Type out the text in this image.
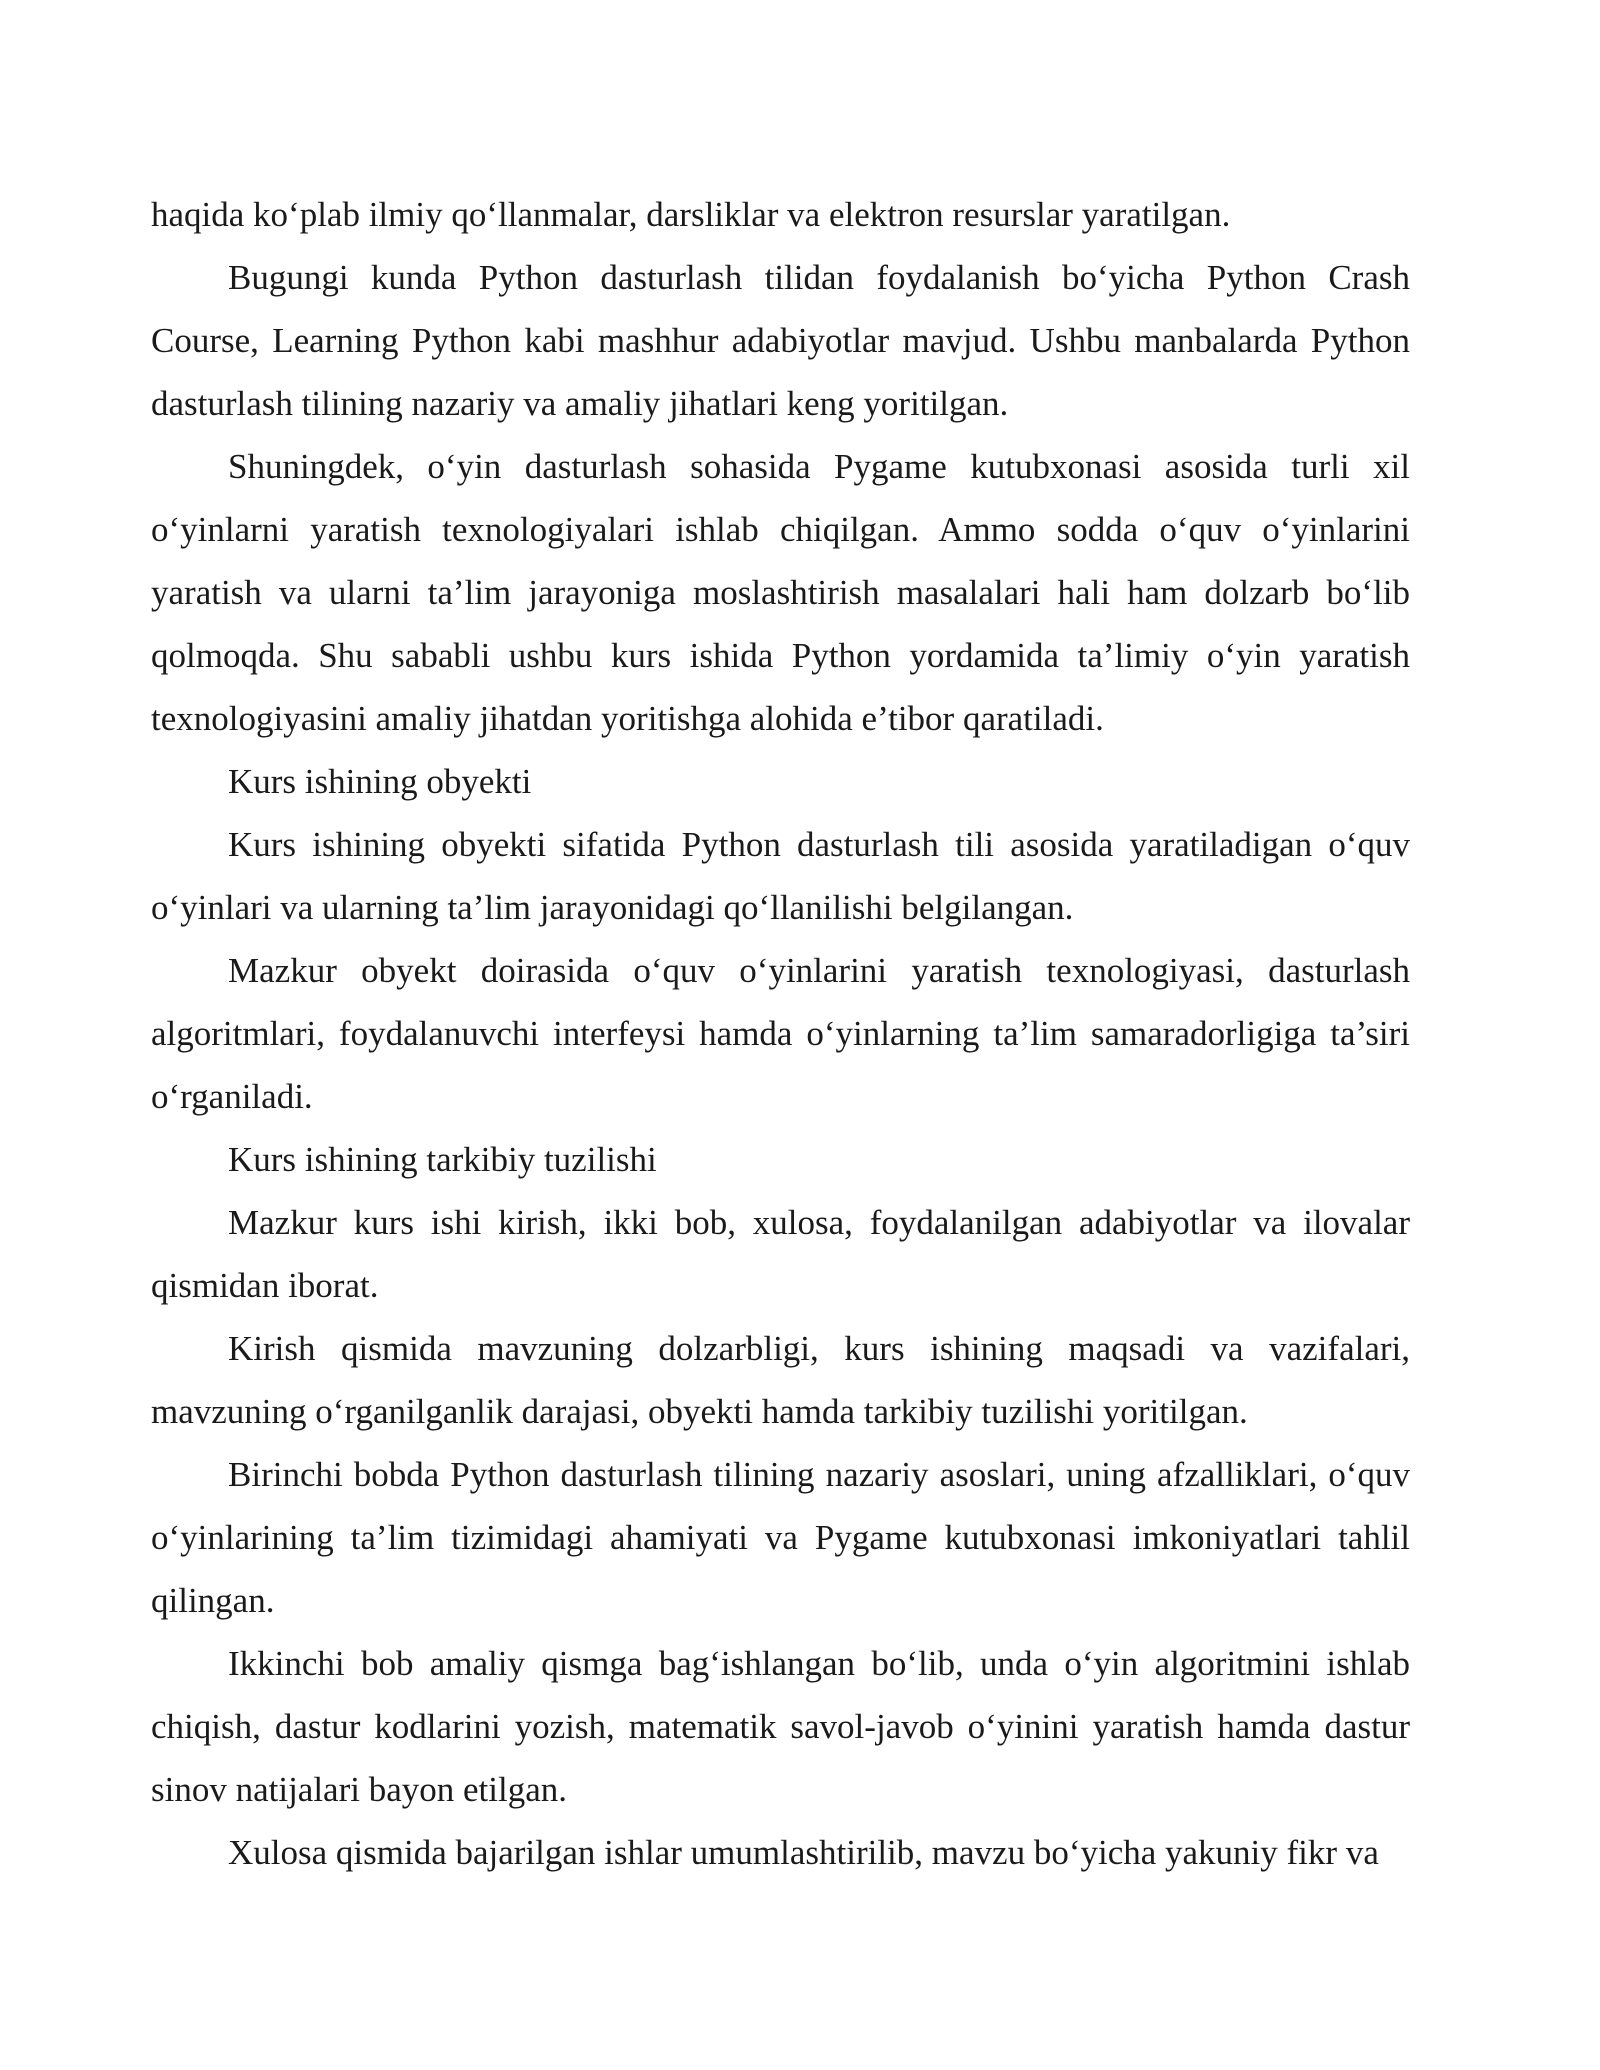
haqida ko‘plab ilmiy qo‘llanmalar, darsliklar va elektron resurslar yaratilgan.

Bugungi kunda Python dasturlash tilidan foydalanish bo‘yicha Python Crash Course, Learning Python kabi mashhur adabiyotlar mavjud. Ushbu manbalarda Python dasturlash tilining nazariy va amaliy jihatlari keng yoritilgan.

Shuningdek, o‘yin dasturlash sohasida Pygame kutubxonasi asosida turli xil o‘yinlarni yaratish texnologiyalari ishlab chiqilgan. Ammo sodda o‘quv o‘yinlarini yaratish va ularni ta’lim jarayoniga moslashtirish masalalari hali ham dolzarb bo‘lib qolmoqda. Shu sababli ushbu kurs ishida Python yordamida ta’limiy o‘yin yaratish texnologiyasini amaliy jihatdan yoritishga alohida e’tibor qaratiladi.

Kurs ishining obyekti

Kurs ishining obyekti sifatida Python dasturlash tili asosida yaratiladigan o‘quv o‘yinlari va ularning ta’lim jarayonidagi qo‘llanilishi belgilangan.

Mazkur obyekt doirasida o‘quv o‘yinlarini yaratish texnologiyasi, dasturlash algoritmlari, foydalanuvchi interfeysi hamda o‘yinlarning ta’lim samaradorligiga ta’siri o‘rganiladi.

Kurs ishining tarkibiy tuzilishi

Mazkur kurs ishi kirish, ikki bob, xulosa, foydalanilgan adabiyotlar va ilovalar qismidan iborat.

Kirish qismida mavzuning dolzarbligi, kurs ishining maqsadi va vazifalari, mavzuning o‘rganilganlik darajasi, obyekti hamda tarkibiy tuzilishi yoritilgan.

Birinchi bobda Python dasturlash tilining nazariy asoslari, uning afzalliklari, o‘quv o‘yinlarining ta’lim tizimidagi ahamiyati va Pygame kutubxonasi imkoniyatlari tahlil qilingan.

Ikkinchi bob amaliy qismga bag‘ishlangan bo‘lib, unda o‘yin algoritmini ishlab chiqish, dastur kodlarini yozish, matematik savol-javob o‘yinini yaratish hamda dastur sinov natijalari bayon etilgan.

Xulosa qismida bajarilgan ishlar umumlashtirilib, mavzu bo‘yicha yakuniy fikr va
